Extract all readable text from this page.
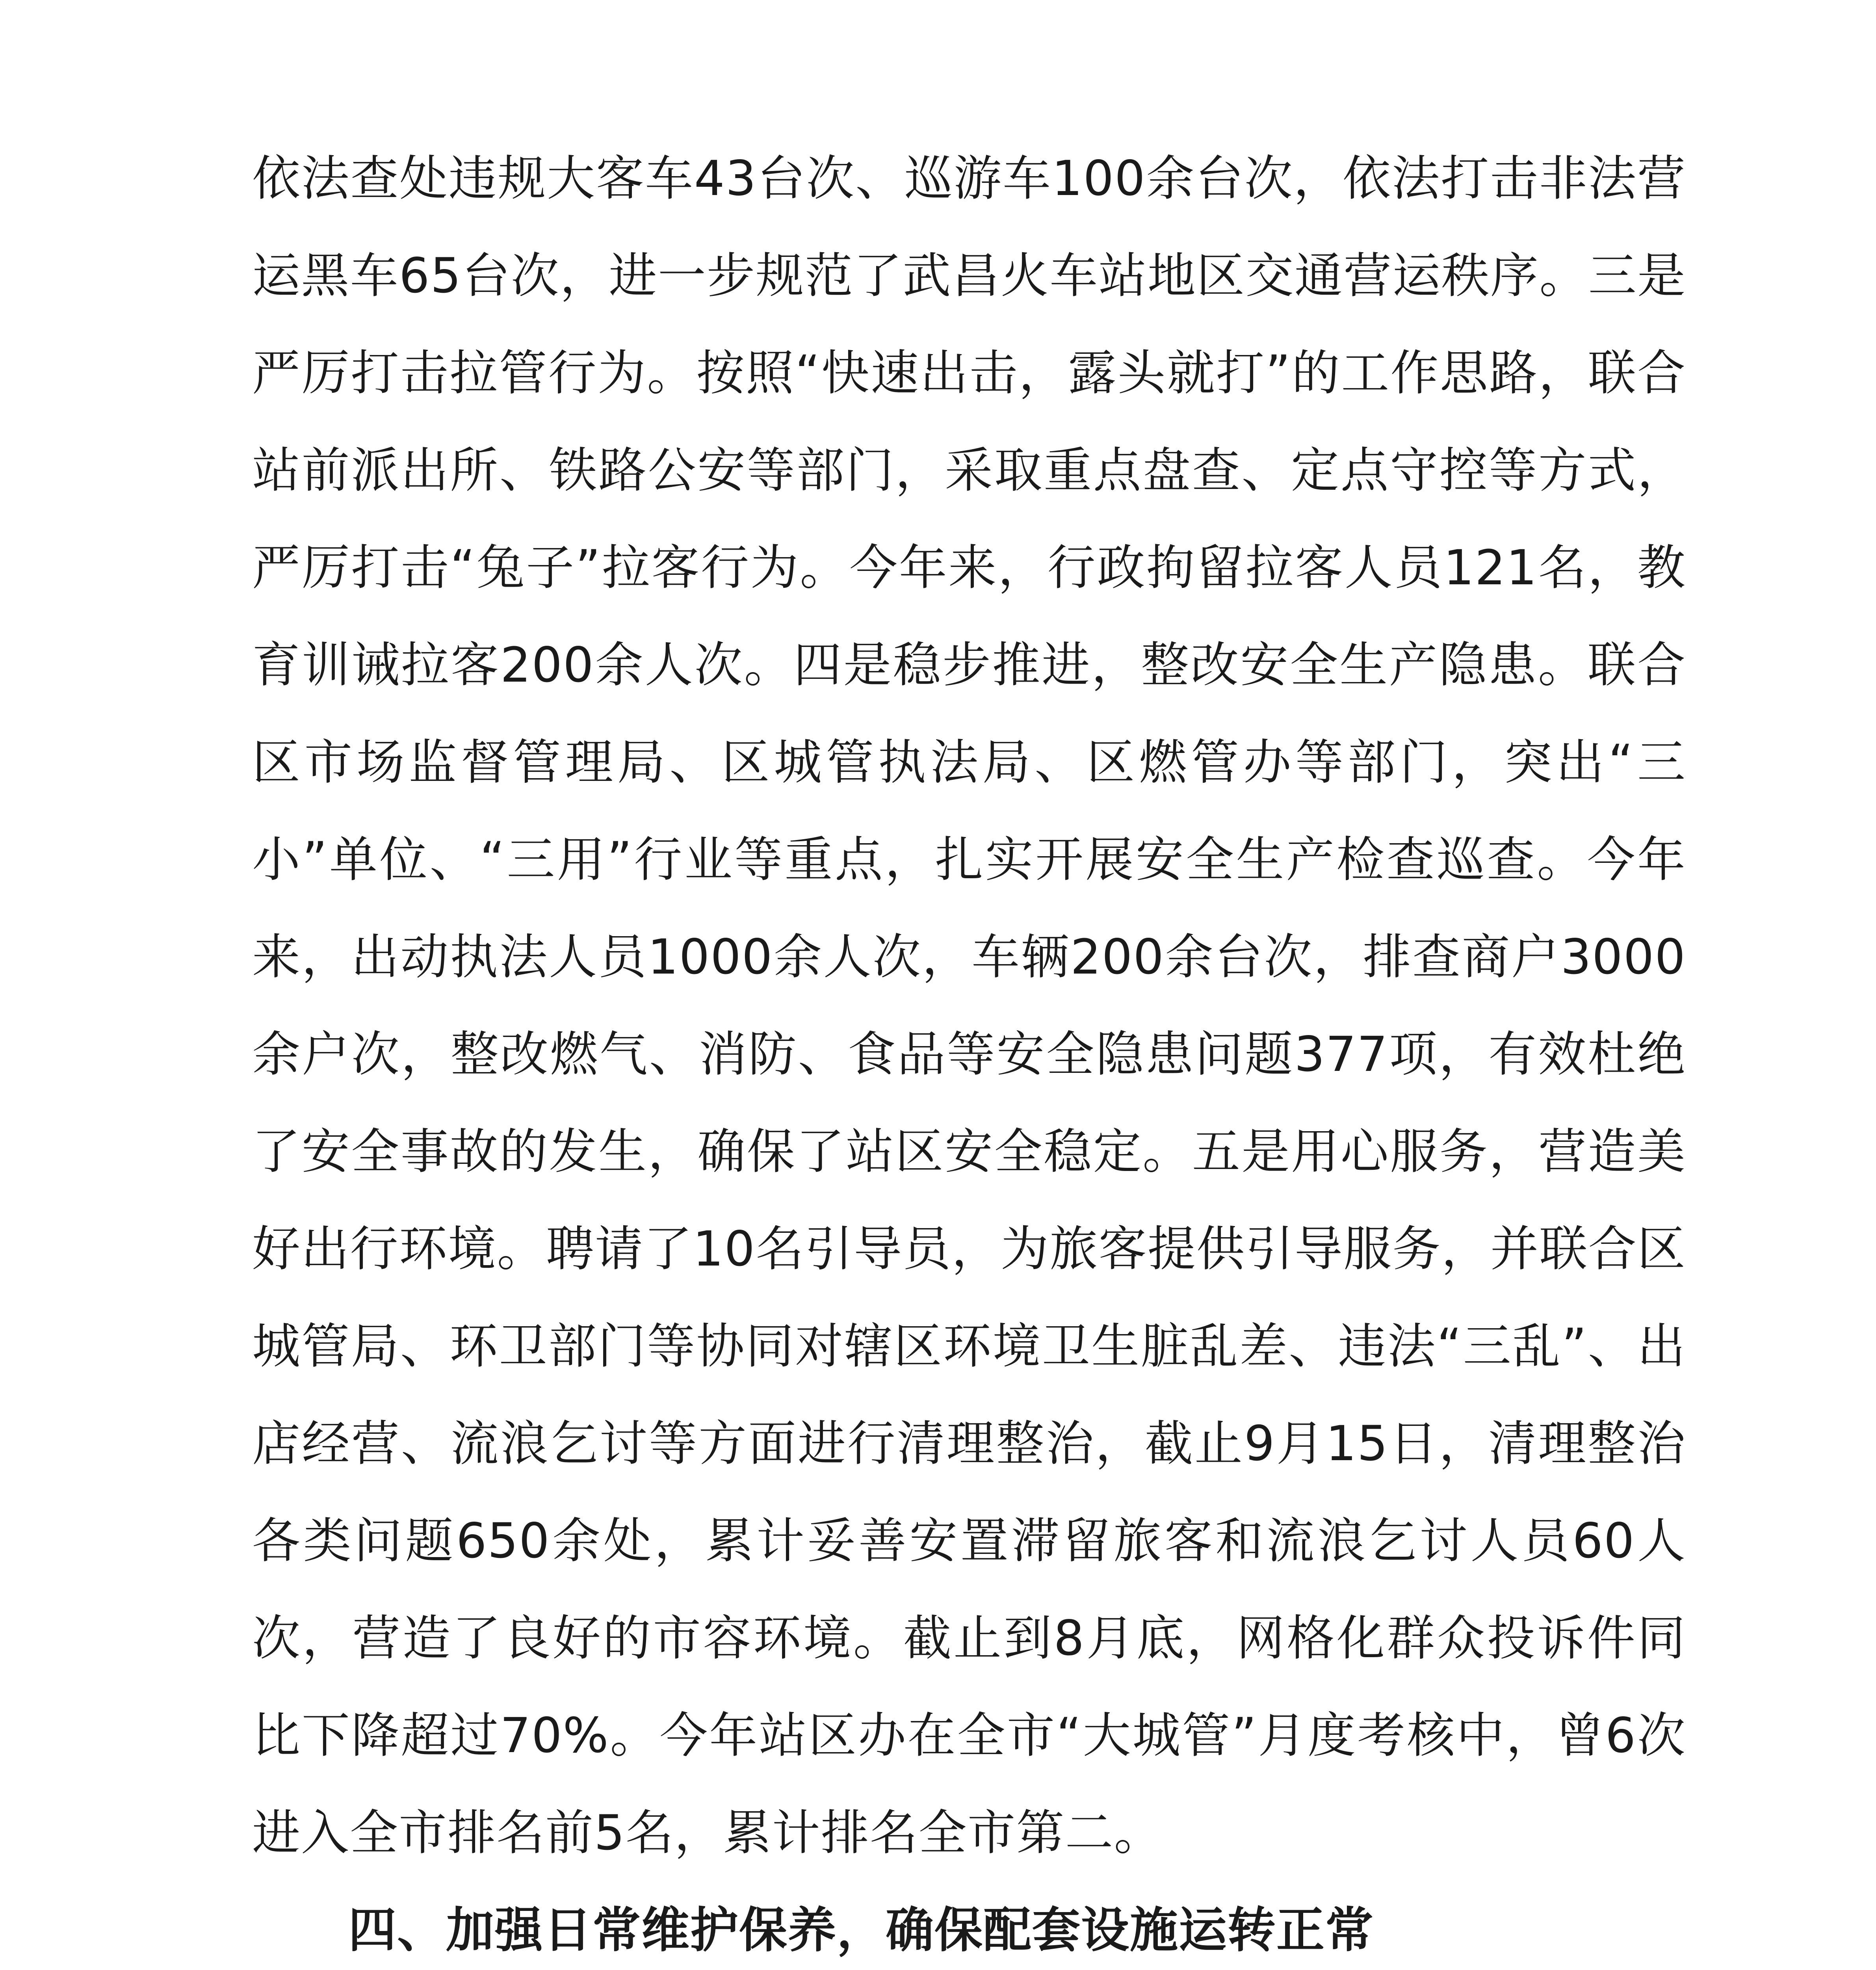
依法查处违规大客车43台次、巡游车100余台次，依法打击非法营运黑车65台次，进一步规范了武昌火车站地区交通营运秩序。三是严厉打击拉管行为。按照“快速出击，露头就打”的工作思路，联合站前派出所、铁路公安等部门，采取重点盘查、定点守控等方式，严厉打击“兔子”拉客行为。今年来，行政拘留拉客人员121名，教育训诫拉客200余人次。四是稳步推进，整改安全生产隐患。联合区市场监督管理局、区城管执法局、区燃管办等部门，突出“三小”单位、“三用”行业等重点，扎实开展安全生产检查巡查。今年来，出动执法人员1000余人次，车辆200余台次，排查商户3000余户次，整改燃气、消防、食品等安全隐患问题377项，有效杜绝了安全事故的发生，确保了站区安全稳定。五是用心服务，营造美好出行环境。聘请了10名引导员，为旅客提供引导服务，并联合区城管局、环卫部门等协同对辖区环境卫生脏乱差、违法“三乱”、出店经营、流浪乞讨等方面进行清理整治，截止9月15日，清理整治各类问题650余处，累计妥善安置滞留旅客和流浪乞讨人员60人次，营造了良好的市容环境。截止到8月底，网格化群众投诉件同比下降超过70%。今年站区办在全市“大城管”月度考核中，曾6次进入全市排名前5名，累计排名全市第二。

四、加强日常维护保养，确保配套设施运转正常
